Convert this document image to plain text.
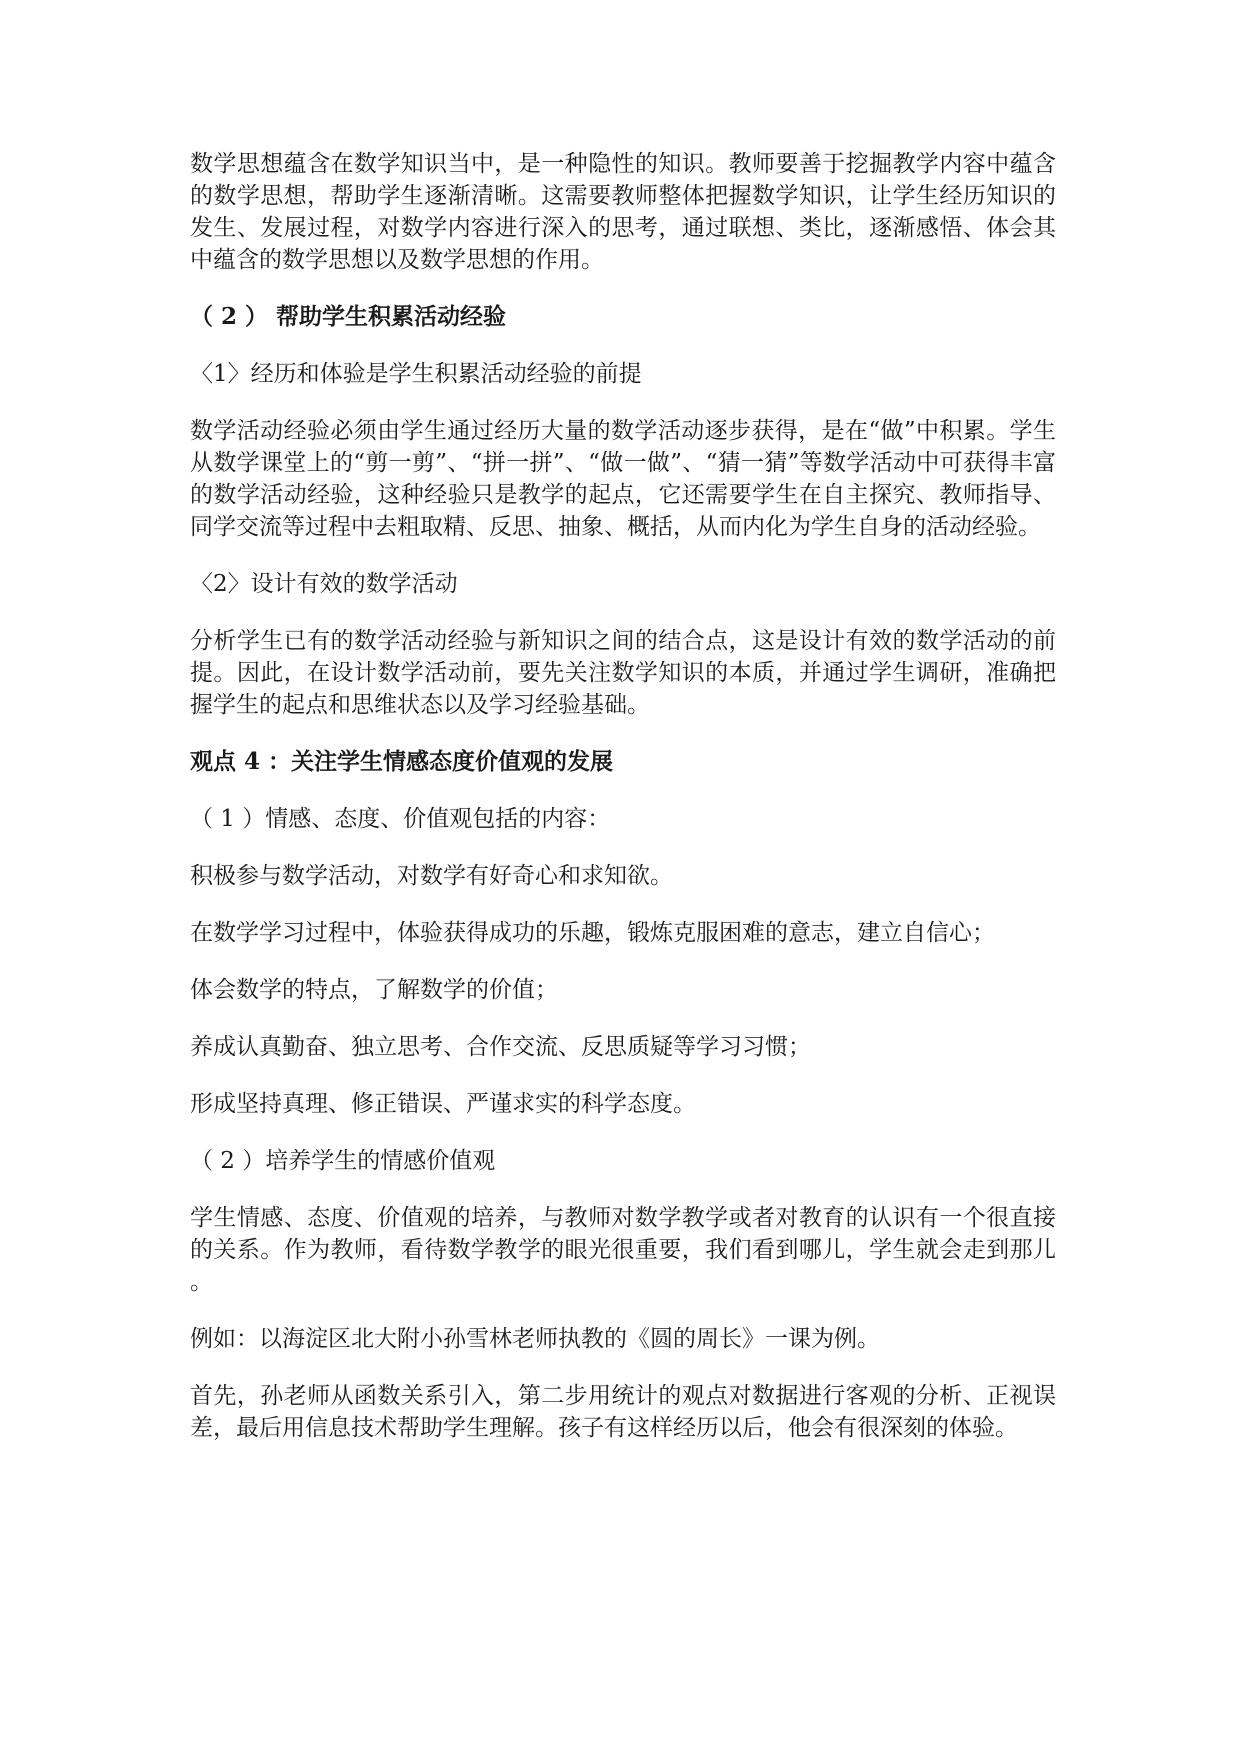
数学思想蕴含在数学知识当中，是一种隐性的知识。教师要善于挖掘教学内容中蕴含的数学思想，帮助学生逐渐清晰。这需要教师整体把握数学知识，让学生经历知识的发生、发展过程，对数学内容进行深入的思考，通过联想、类比，逐渐感悟、体会其中蕴含的数学思想以及数学思想的作用。

（ 2 ） 帮助学生积累活动经验

〈1〉经历和体验是学生积累活动经验的前提

数学活动经验必须由学生通过经历大量的数学活动逐步获得，是在“做”中积累。学生从数学课堂上的“剪一剪”、“拼一拼”、“做一做”、“猜一猜”等数学活动中可获得丰富的数学活动经验，这种经验只是教学的起点，它还需要学生在自主探究、教师指导、同学交流等过程中去粗取精、反思、抽象、概括，从而内化为学生自身的活动经验。

〈2〉设计有效的数学活动

分析学生已有的数学活动经验与新知识之间的结合点，这是设计有效的数学活动的前提。因此，在设计数学活动前，要先关注数学知识的本质，并通过学生调研，准确把握学生的起点和思维状态以及学习经验基础。

观点 4 ：关注学生情感态度价值观的发展

（ 1 ）情感、态度、价值观包括的内容：

积极参与数学活动，对数学有好奇心和求知欲。

在数学学习过程中，体验获得成功的乐趣，锻炼克服困难的意志，建立自信心；

体会数学的特点，了解数学的价值；

养成认真勤奋、独立思考、合作交流、反思质疑等学习习惯；

形成坚持真理、修正错误、严谨求实的科学态度。

（ 2 ）培养学生的情感价值观

学生情感、态度、价值观的培养，与教师对数学教学或者对教育的认识有一个很直接的关系。作为教师，看待数学教学的眼光很重要，我们看到哪儿，学生就会走到那儿。

例如：以海淀区北大附小孙雪林老师执教的《圆的周长》一课为例。

首先，孙老师从函数关系引入，第二步用统计的观点对数据进行客观的分析、正视误差，最后用信息技术帮助学生理解。孩子有这样经历以后，他会有很深刻的体验。
